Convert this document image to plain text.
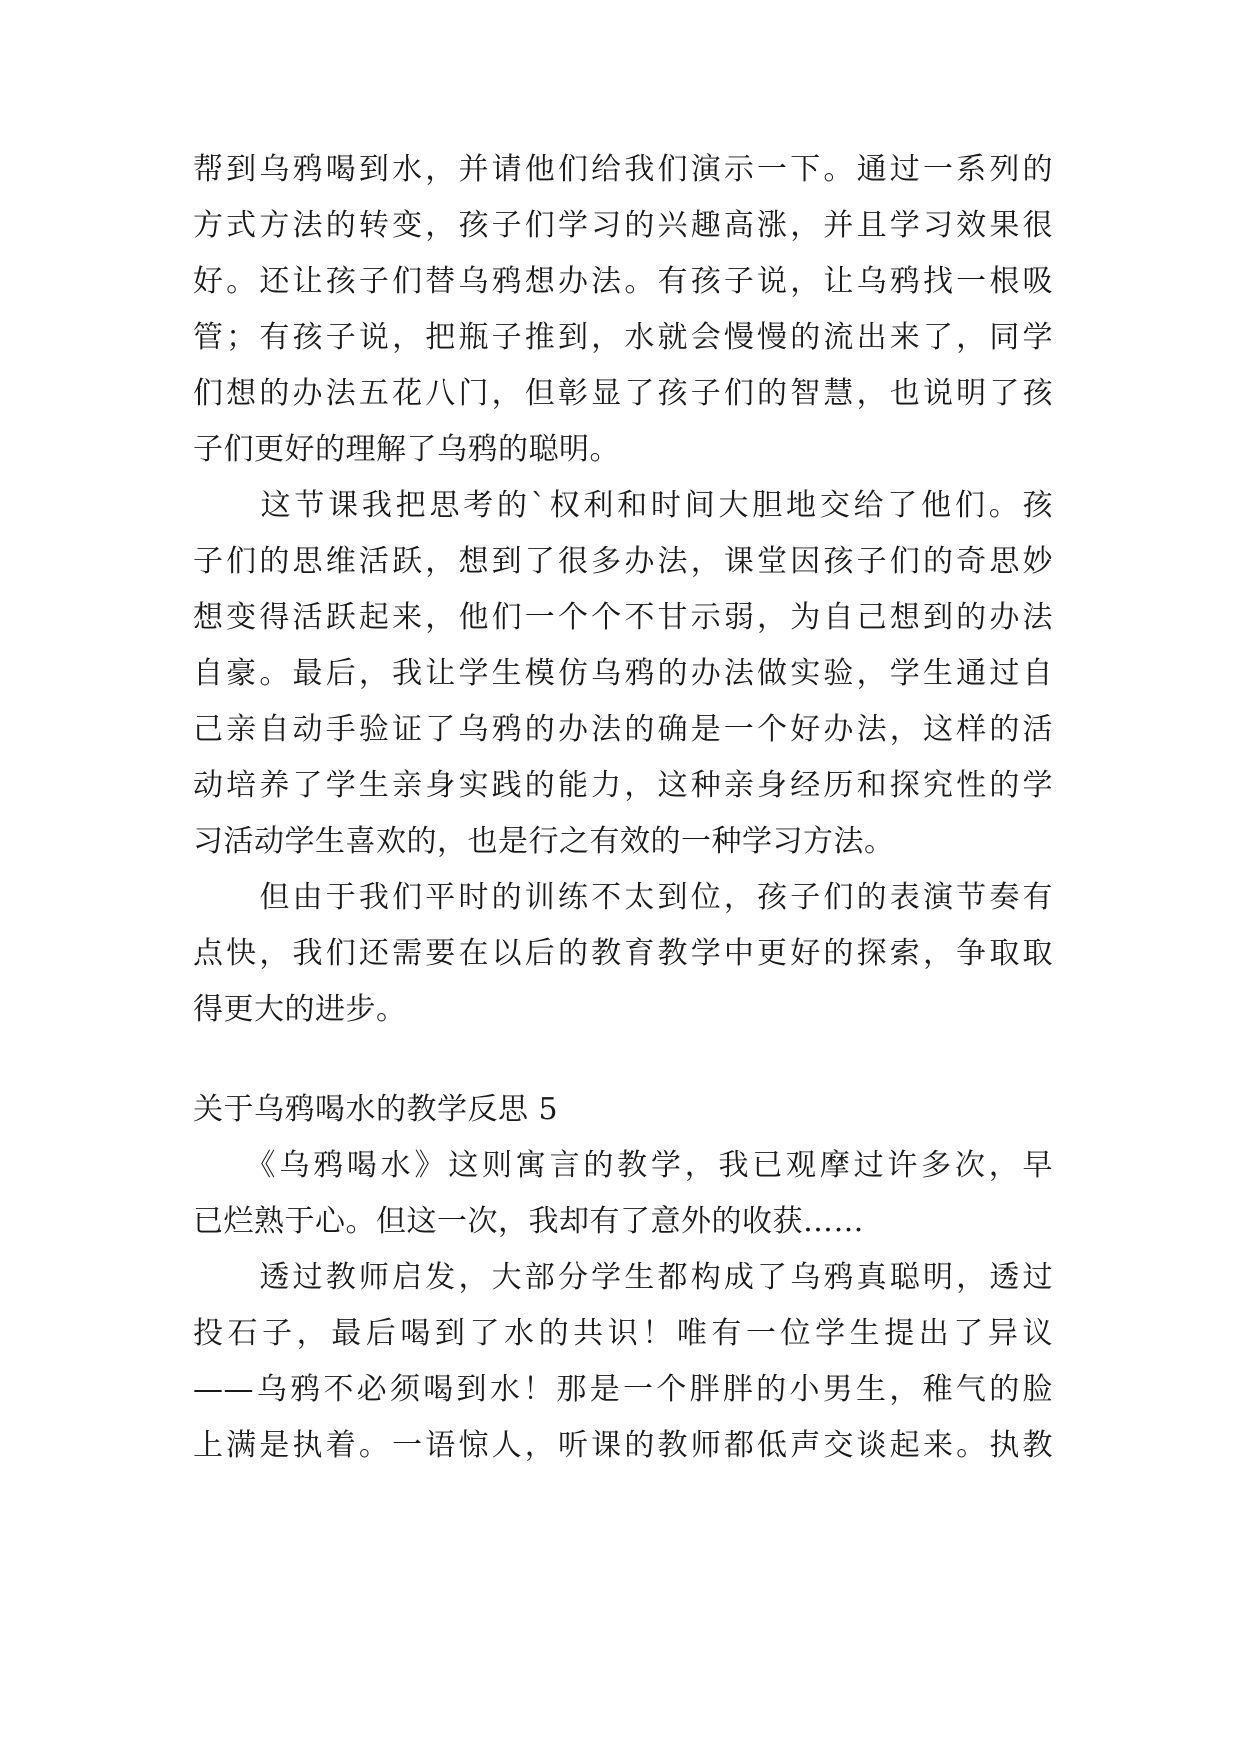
帮到乌鸦喝到水，并请他们给我们演示一下。通过一系列的
方式方法的转变，孩子们学习的兴趣高涨，并且学习效果很
好。还让孩子们替乌鸦想办法。有孩子说，让乌鸦找一根吸
管；有孩子说，把瓶子推到，水就会慢慢的流出来了，同学
们想的办法五花八门，但彰显了孩子们的智慧，也说明了孩
子们更好的理解了乌鸦的聪明。
　　这节课我把思考的`权利和时间大胆地交给了他们。孩
子们的思维活跃，想到了很多办法，课堂因孩子们的奇思妙
想变得活跃起来，他们一个个不甘示弱，为自己想到的办法
自豪。最后，我让学生模仿乌鸦的办法做实验，学生通过自
己亲自动手验证了乌鸦的办法的确是一个好办法，这样的活
动培养了学生亲身实践的能力，这种亲身经历和探究性的学
习活动学生喜欢的，也是行之有效的一种学习方法。
　　但由于我们平时的训练不太到位，孩子们的表演节奏有
点快，我们还需要在以后的教育教学中更好的探索，争取取
得更大的进步。
关于乌鸦喝水的教学反思 5
　　《乌鸦喝水》这则寓言的教学，我已观摩过许多次，早
已烂熟于心。但这一次，我却有了意外的收获……
　　透过教师启发，大部分学生都构成了乌鸦真聪明，透过
投石子，最后喝到了水的共识！唯有一位学生提出了异议
——乌鸦不必须喝到水！那是一个胖胖的小男生，稚气的脸
上满是执着。一语惊人，听课的教师都低声交谈起来。执教
